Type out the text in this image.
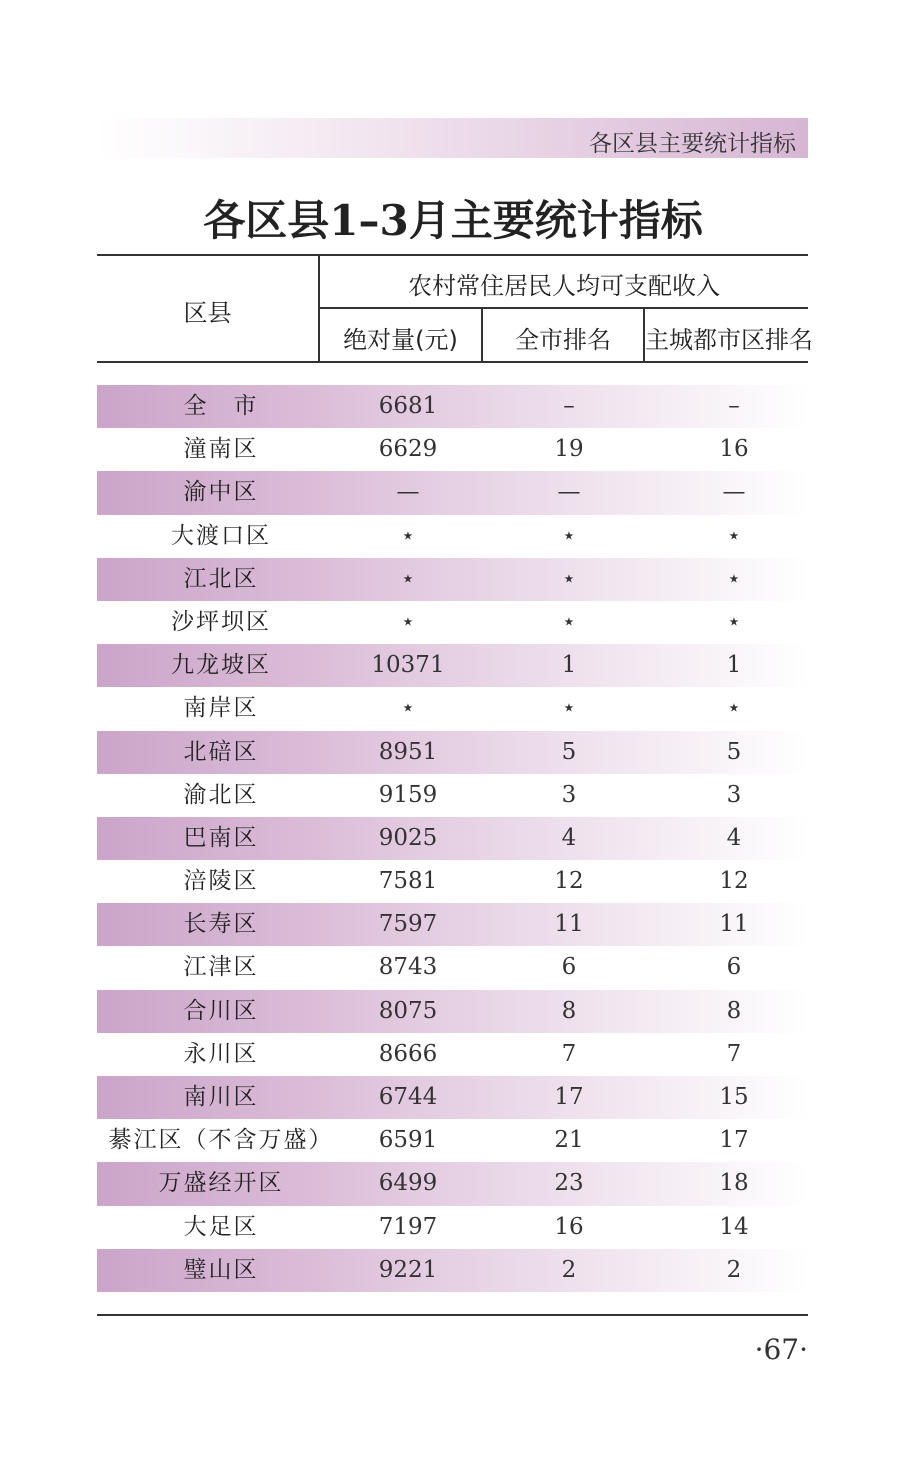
各区县主要统计指标
各区县1–3月主要统计指标
区县
农村常住居民人均可支配收入
绝对量(元)	全市排名	主城都市区排名
全　市	6681	–	–
潼南区	6629	19	16
渝中区	—	—	—
大渡口区	⋆	⋆	⋆
江北区	⋆	⋆	⋆
沙坪坝区	⋆	⋆	⋆
九龙坡区	10371	1	1
南岸区	⋆	⋆	⋆
北碚区	8951	5	5
渝北区	9159	3	3
巴南区	9025	4	4
涪陵区	7581	12	12
长寿区	7597	11	11
江津区	8743	6	6
合川区	8075	8	8
永川区	8666	7	7
南川区	6744	17	15
綦江区（不含万盛）	6591	21	17
万盛经开区	6499	23	18
大足区	7197	16	14
璧山区	9221	2	2
·67·
